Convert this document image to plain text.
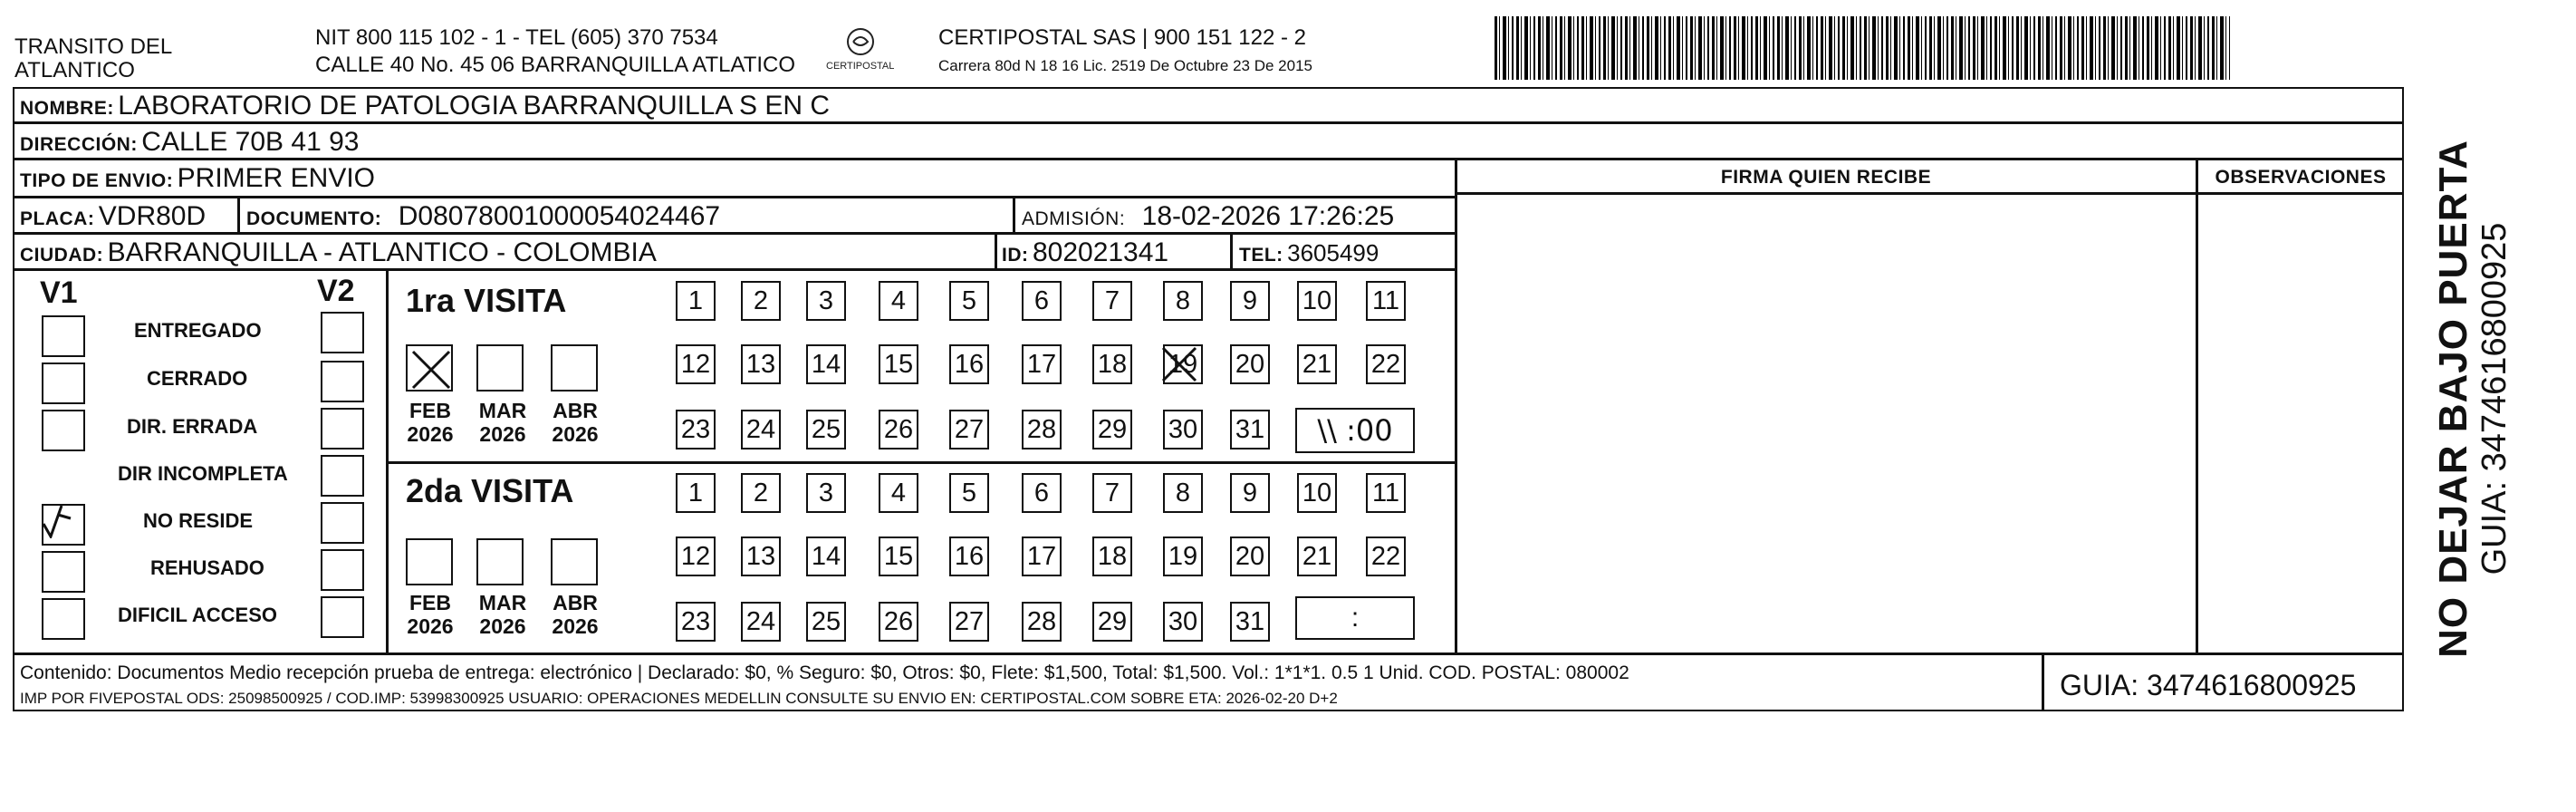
TRANSITO DEL
ATLANTICO
NIT 800 115 102 - 1 - TEL (605) 370 7534
CALLE 40 No. 45 06 BARRANQUILLA ATLATICO	CERTIPOSTAL
CERTIPOSTAL SAS | 900 151 122 - 2
Carrera 80d N 18 16 Lic. 2519 De Octubre 23 De 2015
NOMBRE: LABORATORIO DE PATOLOGIA BARRANQUILLA S EN C
DIRECCIÓN: CALLE 70B 41 93
TIPO DE ENVIO: PRIMER ENVIO
PLACA: VDR80D DOCUMENTO: D08078001000054024467	ADMISIÓN: 18-02-2026 17:26:25
CIUDAD: BARRANQUILLA - ATLANTICO - COLOMBIA	ID: 802021341	TEL: 3605499
FIRMA QUIEN RECIBE	OBSERVACIONES
V1	V2
ENTREGADO
CERRADO
DIR. ERRADA
DIR INCOMPLETA
NO RESIDE
REHUSADO
DIFICIL ACCESO
1ra VISITA
FEB
2026
MAR
2026
ABR
2026
1	2	3	4	5	6	7	8	9	10 11
12 13 14 15 16 17 18 19 20 21 22
23 24 25 26 27 28 29 30 31	\\ :00
2da VISITA
FEB
2026
MAR
2026
ABR
2026
1	2	3	4	5	6	7	8	9	10 11
12 13 14 15 16 17 18 19 20 21 22
23 24 25 26 27 28 29 30 31	:
Contenido: Documentos Medio recepción prueba de entrega: electrónico | Declarado: $0, % Seguro: $0, Otros: $0, Flete: $1,500, Total: $1,500. Vol.: 1*1*1. 0.5 1 Unid. COD. POSTAL: 080002
IMP POR FIVEPOSTAL ODS: 25098500925 / COD.IMP: 53998300925 USUARIO: OPERACIONES MEDELLIN CONSULTE SU ENVIO EN: CERTIPOSTAL.COM SOBRE ETA: 2026-02-20 D+2	GUIA: 3474616800925
NO DEJAR BAJO PUERTA GUIA: 3474616800925
